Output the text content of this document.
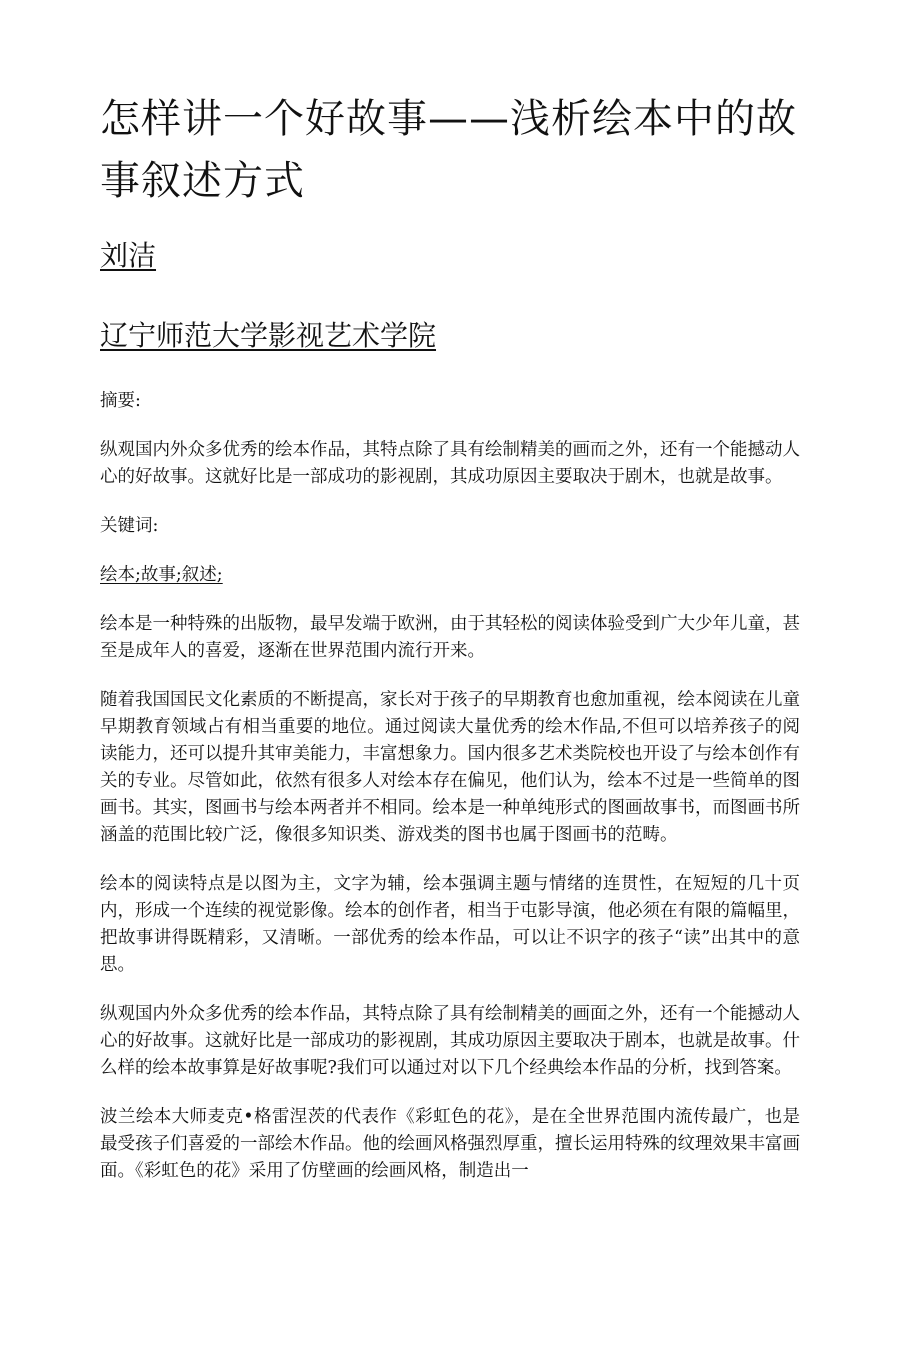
怎样讲一个好故事——浅析绘本中的故事叙述方式
刘洁
辽宁师范大学影视艺术学院

摘要:

纵观国内外众多优秀的绘本作品，其特点除了具有绘制精美的画而之外，还有一个能撼动人心的好故事。这就好比是一部成功的影视剧，其成功原因主要取决于剧木，也就是故事。

关键词:

绘本;故事;叙述;

绘本是一种特殊的出版物，最早发端于欧洲，由于其轻松的阅读体验受到广大少年儿童，甚至是成年人的喜爱，逐渐在世界范围内流行开来。

随着我国国民文化素质的不断提高，家长对于孩子的早期教育也愈加重视，绘本阅读在儿童早期教育领域占有相当重要的地位。通过阅读大量优秀的绘木作品,不但可以培养孩子的阅读能力，还可以提升其审美能力，丰富想象力。国内很多艺术类院校也开设了与绘本创作有关的专业。尽管如此，依然有很多人对绘本存在偏见，他们认为，绘本不过是一些简单的图画书。其实，图画书与绘本两者并不相同。绘本是一种单纯形式的图画故事书，而图画书所涵盖的范围比较广泛，像很多知识类、游戏类的图书也属于图画书的范畴。

绘本的阅读特点是以图为主，文字为辅，绘本强调主题与情绪的连贯性，在短短的几十页内，形成一个连续的视觉影像。绘本的创作者，相当于屯影导演，他必须在有限的篇幅里，把故事讲得既精彩，又清晰。一部优秀的绘本作品，可以让不识字的孩子“读”出其中的意思。

纵观国内外众多优秀的绘本作品，其特点除了具有绘制精美的画面之外，还有一个能撼动人心的好故事。这就好比是一部成功的影视剧，其成功原因主要取决于剧本，也就是故事。什么样的绘本故事算是好故事呢?我们可以通过对以下几个经典绘本作品的分析，找到答案。

波兰绘本大师麦克•格雷涅茨的代表作《彩虹色的花》，是在全世界范围内流传最广，也是最受孩子们喜爱的一部绘木作品。他的绘画风格强烈厚重，擅长运用特殊的纹理效果丰富画面。《彩虹色的花》采用了仿壁画的绘画风格，制造出一
